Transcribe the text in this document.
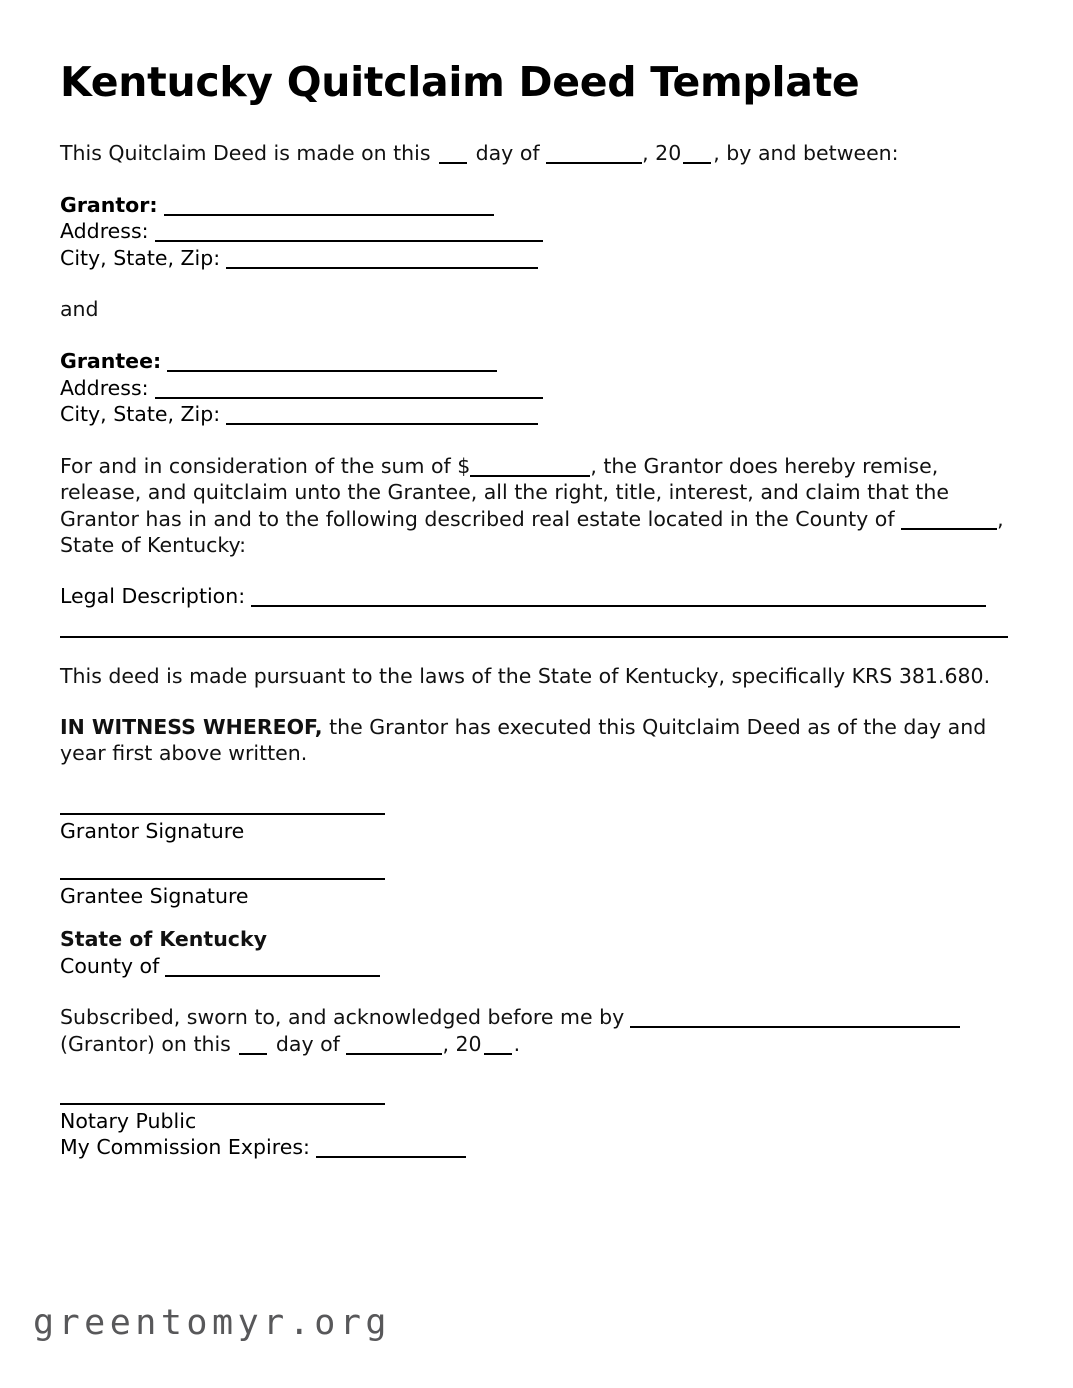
Kentucky Quitclaim Deed Template

This Quitclaim Deed is made on this day of	, 20 , by and between:

Grantor:
Address:
City, State, Zip:

and

Grantee:
Address:
City, State, Zip:

For and in consideration of the sum of $	, the Grantor does hereby remise, release, and quitclaim unto the Grantee, all the right, title, interest, and claim that the Grantor has in and to the following described real estate located in the County of	, State of Kentucky:

Legal Description:

This deed is made pursuant to the laws of the State of Kentucky, specifically KRS 381.680.

IN WITNESS WHEREOF, the Grantor has executed this Quitclaim Deed as of the day and year first above written.

Grantor Signature
Grantee Signature

State of Kentucky

County of

Subscribed, sworn to, and acknowledged before me by
(Grantor) on this day of	, 20 .

Notary Public
My Commission Expires:
greentomyr.org
